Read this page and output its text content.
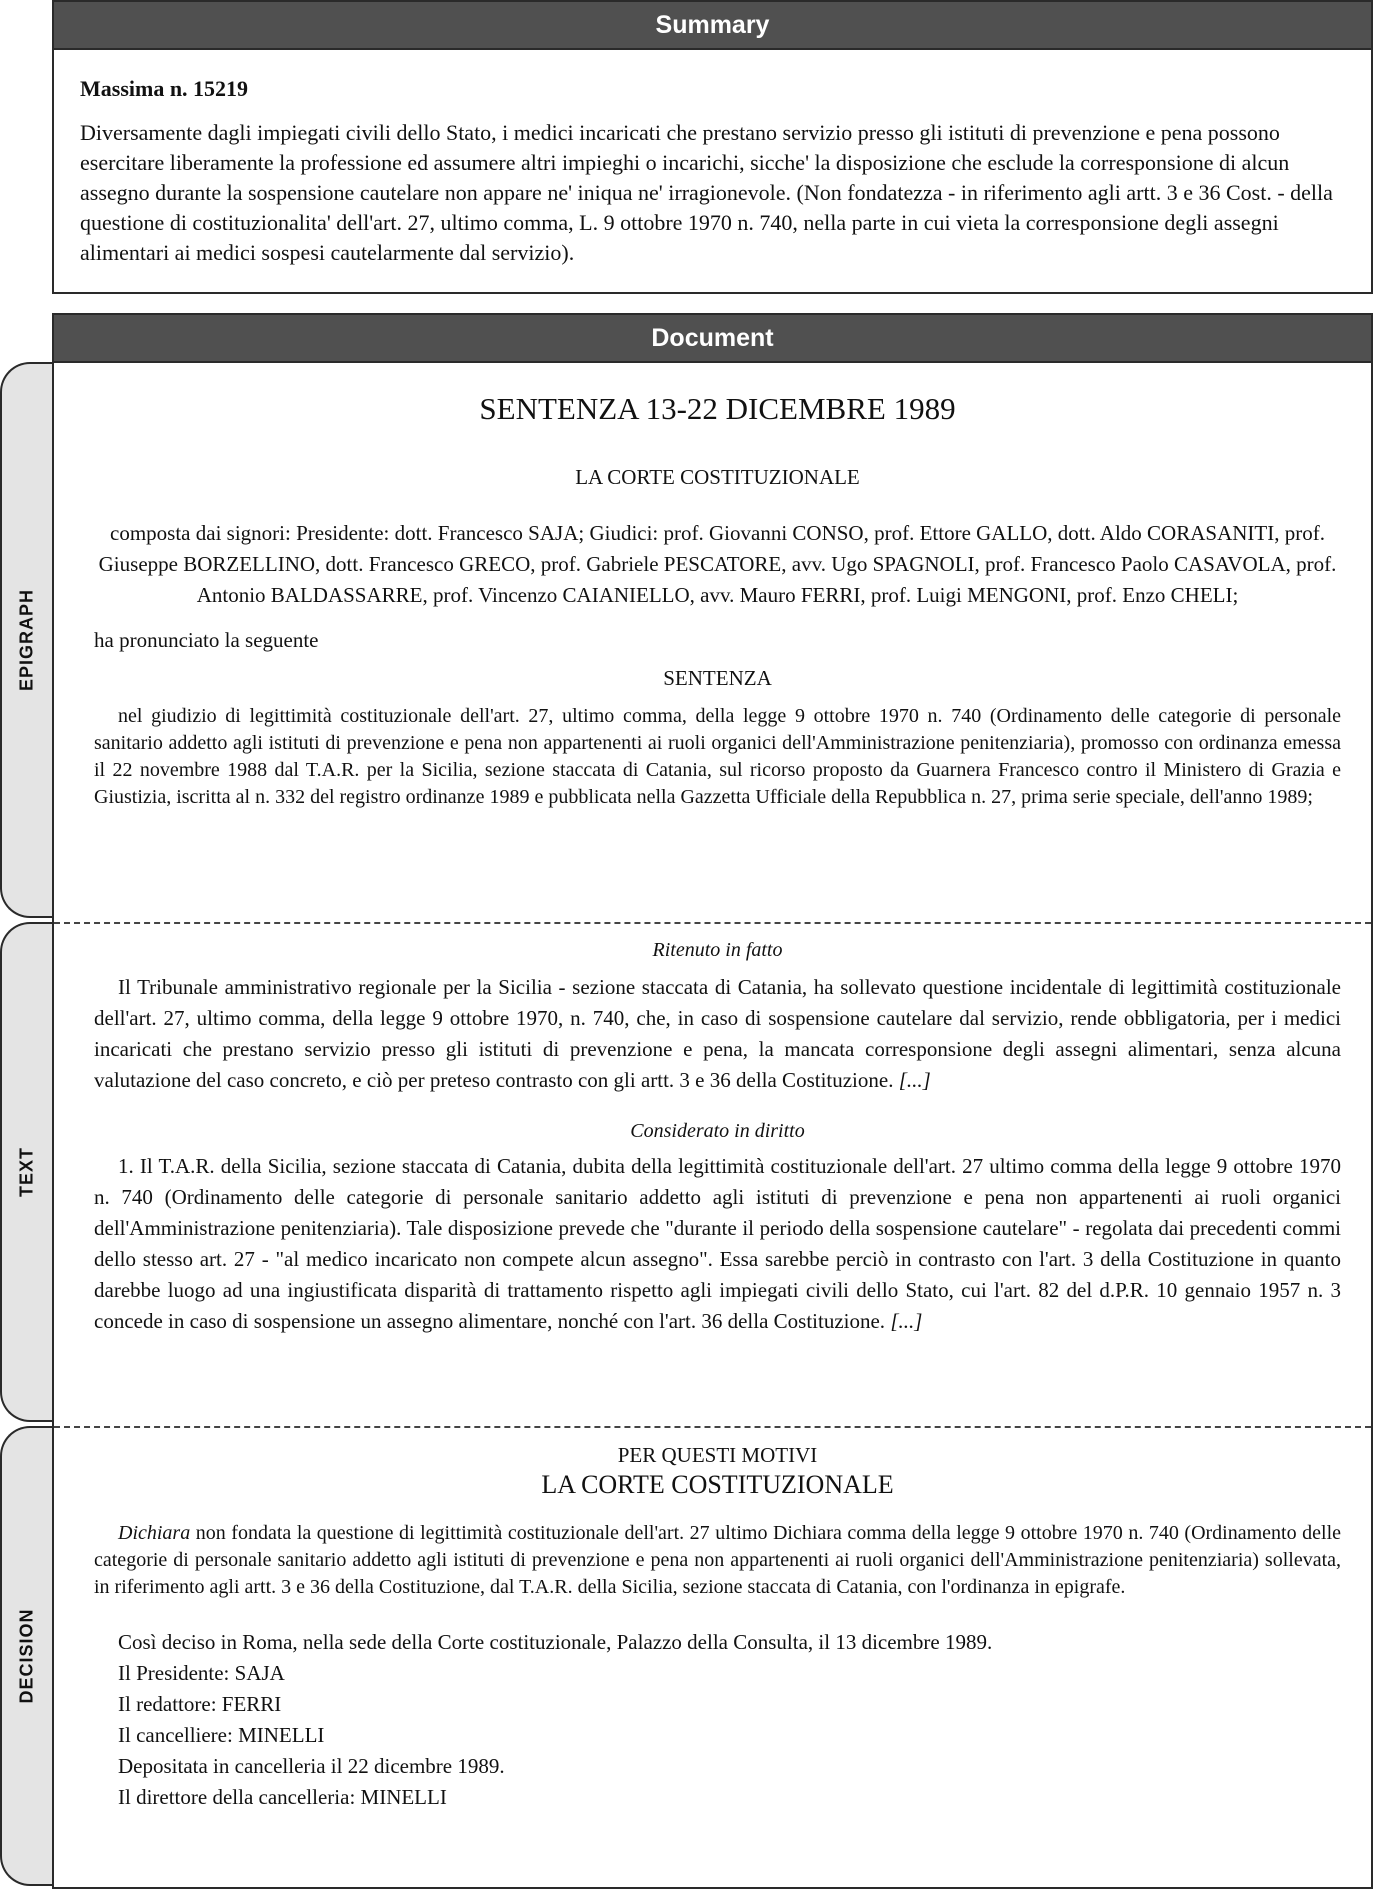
Summary

Massima n. 15219

Diversamente dagli impiegati civili dello Stato, i medici incaricati che prestano servizio presso gli istituti di prevenzione e pena possono esercitare liberamente la professione ed assumere altri impieghi o incarichi, sicche' la disposizione che esclude la corresponsione di alcun assegno durante la sospensione cautelare non appare ne' iniqua ne' irragionevole. (Non fondatezza - in riferimento agli artt. 3 e 36 Cost. - della questione di costituzionalita' dell'art. 27, ultimo comma, L. 9 ottobre 1970 n. 740, nella parte in cui vieta la corresponsione degli assegni alimentari ai medici sospesi cautelarmente dal servizio).

EPIGRAPH
TEXT
DECISION
Document

SENTENZA 13-22 DICEMBRE 1989

LA CORTE COSTITUZIONALE

composta dai signori: Presidente: dott. Francesco SAJA; Giudici: prof. Giovanni CONSO, prof. Ettore GALLO, dott. Aldo CORASANITI, prof. Giuseppe BORZELLINO, dott. Francesco GRECO, prof. Gabriele PESCATORE, avv. Ugo SPAGNOLI, prof. Francesco Paolo CASAVOLA, prof. Antonio BALDASSARRE, prof. Vincenzo CAIANIELLO, avv. Mauro FERRI, prof. Luigi MENGONI, prof. Enzo CHELI;

ha pronunciato la seguente

SENTENZA

nel giudizio di legittimità costituzionale dell'art. 27, ultimo comma, della legge 9 ottobre 1970 n. 740 (Ordinamento delle categorie di personale sanitario addetto agli istituti di prevenzione e pena non appartenenti ai ruoli organici dell'Amministrazione penitenziaria), promosso con ordinanza emessa il 22 novembre 1988 dal T.A.R. per la Sicilia, sezione staccata di Catania, sul ricorso proposto da Guarnera Francesco contro il Ministero di Grazia e Giustizia, iscritta al n. 332 del registro ordinanze 1989 e pubblicata nella Gazzetta Ufficiale della Repubblica n. 27, prima serie speciale, dell'anno 1989;

Ritenuto in fatto

Il Tribunale amministrativo regionale per la Sicilia - sezione staccata di Catania, ha sollevato questione incidentale di legittimità costituzionale dell'art. 27, ultimo comma, della legge 9 ottobre 1970, n. 740, che, in caso di sospensione cautelare dal servizio, rende obbligatoria, per i medici incaricati che prestano servizio presso gli istituti di prevenzione e pena, la mancata corresponsione degli assegni alimentari, senza alcuna valutazione del caso concreto, e ciò per preteso contrasto con gli artt. 3 e 36 della Costituzione. [...]

Considerato in diritto

1. Il T.A.R. della Sicilia, sezione staccata di Catania, dubita della legittimità costituzionale dell'art. 27 ultimo comma della legge 9 ottobre 1970 n. 740 (Ordinamento delle categorie di personale sanitario addetto agli istituti di prevenzione e pena non appartenenti ai ruoli organici dell'Amministrazione penitenziaria). Tale disposizione prevede che "durante il periodo della sospensione cautelare" - regolata dai precedenti commi dello stesso art. 27 - "al medico incaricato non compete alcun assegno". Essa sarebbe perciò in contrasto con l'art. 3 della Costituzione in quanto darebbe luogo ad una ingiustificata disparità di trattamento rispetto agli impiegati civili dello Stato, cui l'art. 82 del d.P.R. 10 gennaio 1957 n. 3 concede in caso di sospensione un assegno alimentare, nonché con l'art. 36 della Costituzione. [...]

PER QUESTI MOTIVI

LA CORTE COSTITUZIONALE

Dichiara non fondata la questione di legittimità costituzionale dell'art. 27 ultimo Dichiara comma della legge 9 ottobre 1970 n. 740 (Ordinamento delle categorie di personale sanitario addetto agli istituti di prevenzione e pena non appartenenti ai ruoli organici dell'Amministrazione penitenziaria) sollevata, in riferimento agli artt. 3 e 36 della Costituzione, dal T.A.R. della Sicilia, sezione staccata di Catania, con l'ordinanza in epigrafe.

Così deciso in Roma, nella sede della Corte costituzionale, Palazzo della Consulta, il 13 dicembre 1989.
Il Presidente: SAJA
Il redattore: FERRI
Il cancelliere: MINELLI
Depositata in cancelleria il 22 dicembre 1989.
Il direttore della cancelleria: MINELLI
